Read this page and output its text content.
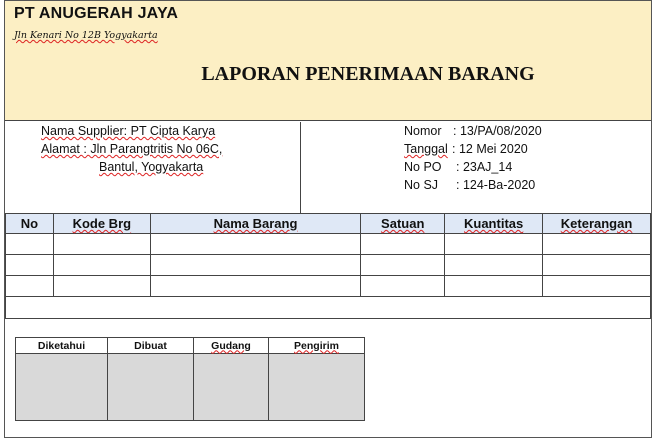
PT ANUGERAH JAYA
Jln Kenari No 12B Yogyakarta
LAPORAN PENERIMAAN BARANG
Nama Supplier: PT Cipta Karya
Alamat : Jln Parangtritis No 06C,
Bantul, Yogyakarta
Nomor : 13/PA/08/2020
Tanggal : 12 Mei 2020
No PO : 23AJ_14
No SJ : 124-Ba-2020
No	Kode Brg	Nama Barang	Satuan	Kuantitas	Keterangan

Diketahui	Dibuat	Gudang	Pengirim
